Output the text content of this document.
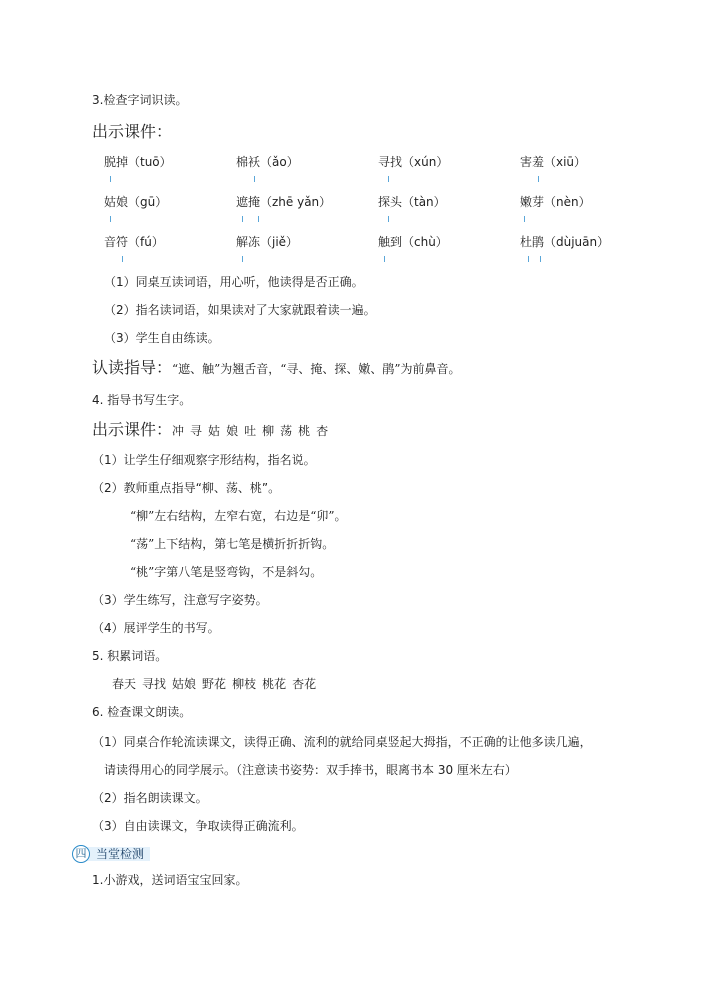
3.检查字词识读。
出示课件：
脱掉（tuō）	棉袄（ǎo）	寻找（xún）	害羞（xiū）
姑娘（gū）	遮掩（zhē yǎn）	探头（tàn）	嫩芽（nèn）
音符（fú）	解冻（jiě）	触到（chù）	杜鹃（dùjuān）
（1）同桌互读词语，用心听，他读得是否正确。
（2）指名读词语，如果读对了大家就跟着读一遍。
（3）学生自由练读。
认读指导：“遮、触”为翘舌音，“寻、掩、探、嫩、鹃”为前鼻音。
4. 指导书写生字。
出示课件：冲 寻 姑 娘 吐 柳 荡 桃 杏
（1）让学生仔细观察字形结构，指名说。
（2）教师重点指导“柳、荡、桃”。
“柳”左右结构，左窄右宽，右边是“卯”。
“荡”上下结构，第七笔是横折折折钩。
“桃”字第八笔是竖弯钩，不是斜勾。
（3）学生练写，注意写字姿势。
（4）展评学生的书写。
5. 积累词语。
春天 寻找 姑娘 野花 柳枝 桃花 杏花
6. 检查课文朗读。
（1）同桌合作轮流读课文，读得正确、流利的就给同桌竖起大拇指，不正确的让他多读几遍，
请读得用心的同学展示。（注意读书姿势：双手捧书，眼离书本 30 厘米左右）
（2）指名朗读课文。
（3）自由读课文，争取读得正确流利。
四 当堂检测
1.小游戏，送词语宝宝回家。
